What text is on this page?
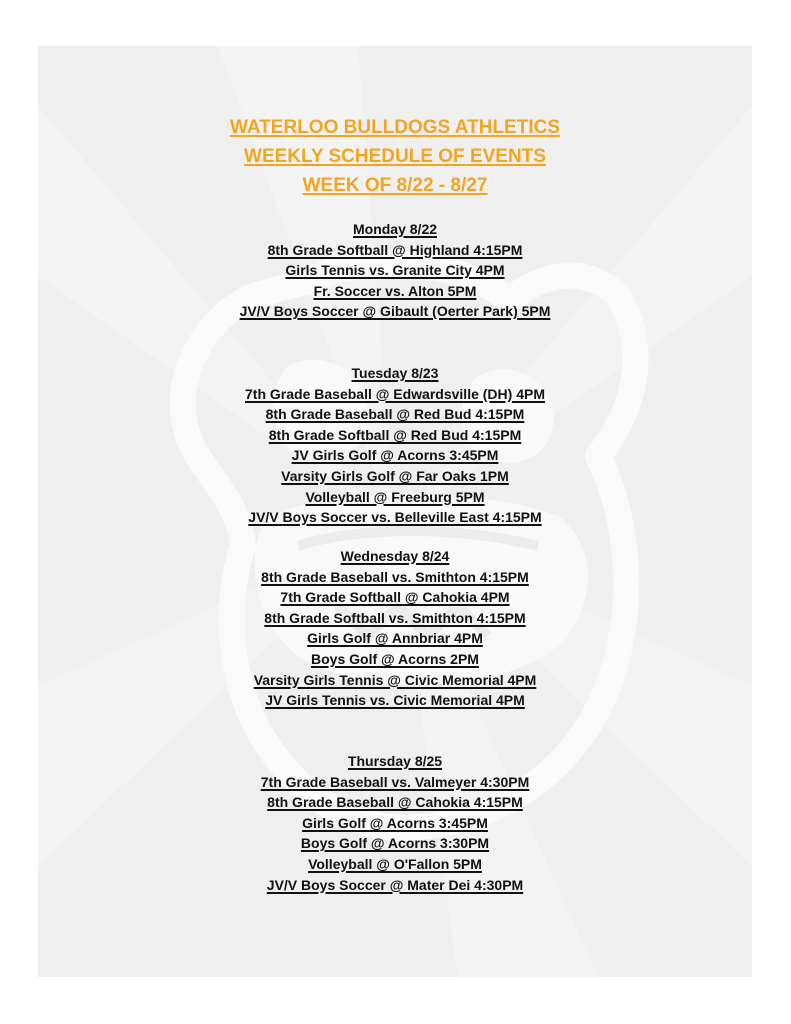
WATERLOO BULLDOGS ATHLETICS
WEEKLY SCHEDULE OF EVENTS
WEEK OF 8/22 - 8/27
Monday 8/22
8th Grade Softball @ Highland 4:15PM
Girls Tennis vs. Granite City 4PM
Fr. Soccer vs. Alton 5PM
JV/V Boys Soccer @ Gibault (Oerter Park) 5PM
Tuesday 8/23
7th Grade Baseball @ Edwardsville (DH) 4PM
8th Grade Baseball @ Red Bud 4:15PM
8th Grade Softball @ Red Bud 4:15PM
JV Girls Golf @ Acorns 3:45PM
Varsity Girls Golf @ Far Oaks 1PM
Volleyball @ Freeburg 5PM
JV/V Boys Soccer vs. Belleville East 4:15PM
Wednesday 8/24
8th Grade Baseball vs. Smithton 4:15PM
7th Grade Softball @ Cahokia 4PM
8th Grade Softball vs. Smithton 4:15PM
Girls Golf @ Annbriar 4PM
Boys Golf @ Acorns 2PM
Varsity Girls Tennis @ Civic Memorial 4PM
JV Girls Tennis vs. Civic Memorial 4PM
Thursday 8/25
7th Grade Baseball vs. Valmeyer 4:30PM
8th Grade Baseball @ Cahokia 4:15PM
Girls Golf @ Acorns 3:45PM
Boys Golf @ Acorns 3:30PM
Volleyball @ O'Fallon 5PM
JV/V Boys Soccer @ Mater Dei 4:30PM
